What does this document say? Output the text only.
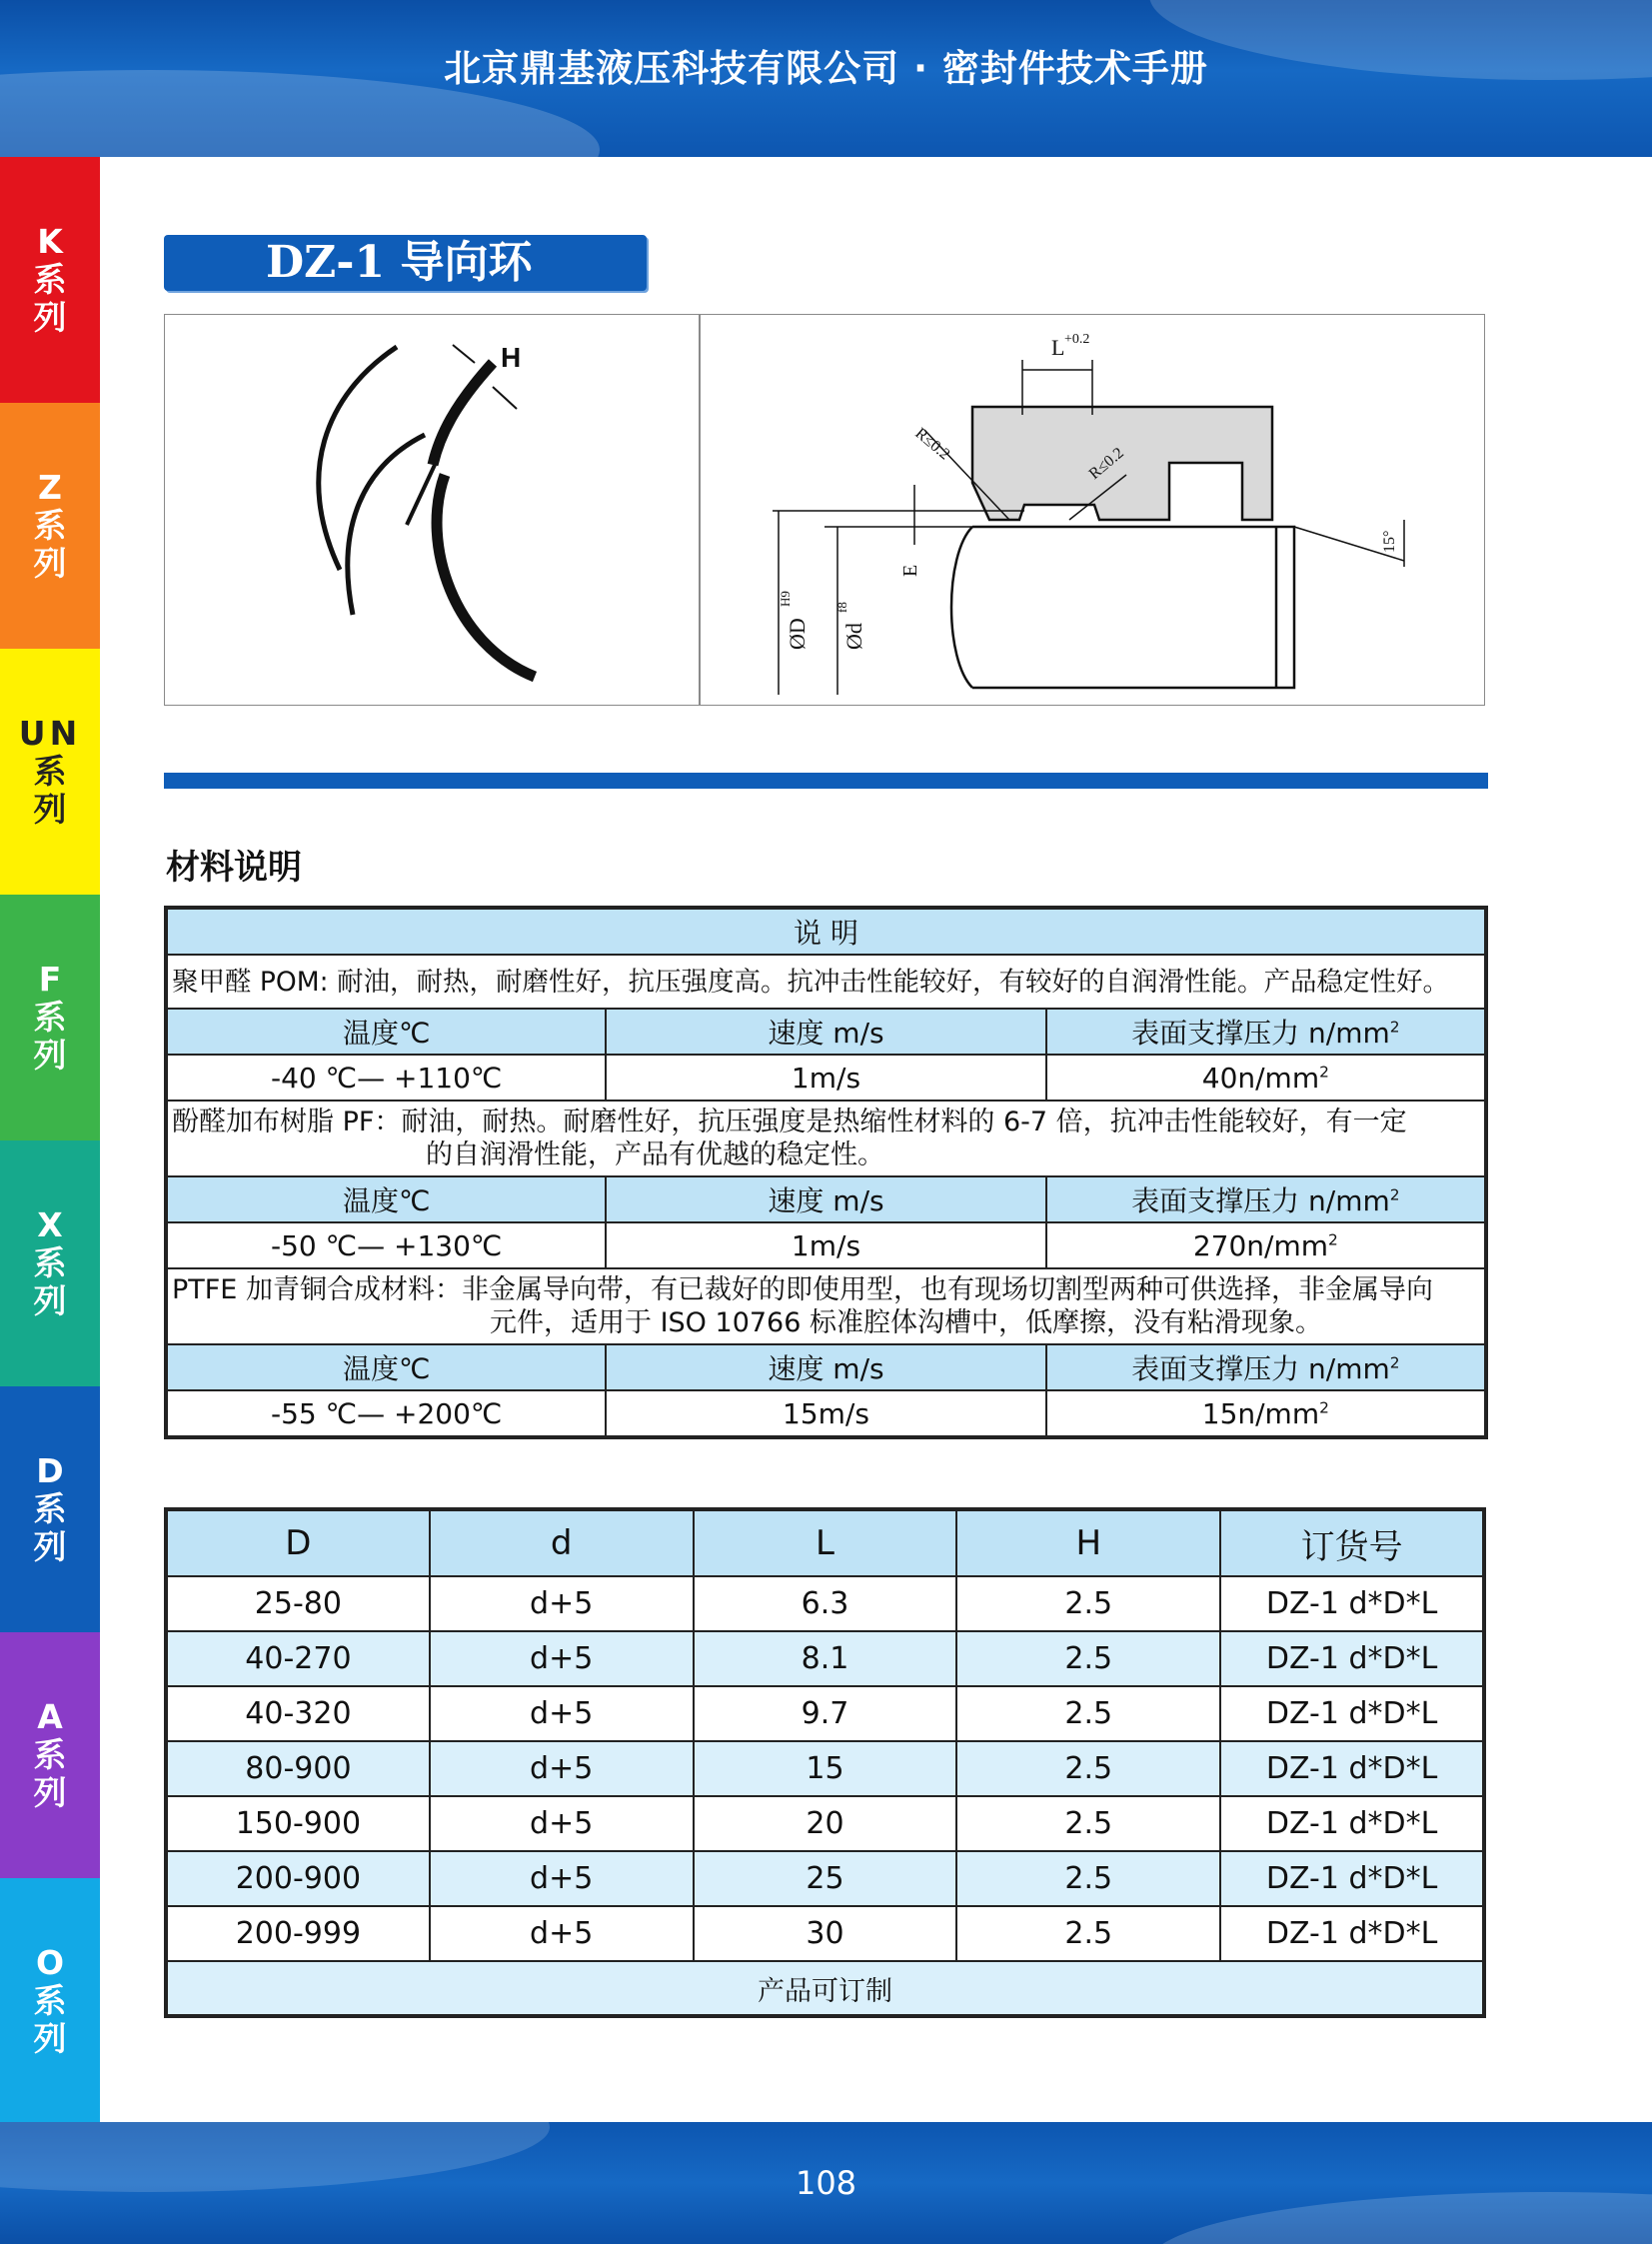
北京鼎基液压科技有限公司 · 密封件技术手册
K
系
列
Z
系
列
UN
系
列
F
系
列
X
系
列
D
系
列
A
系
列
O
系
列
DZ-1 导向环
H	L +0.2
R≤0.2
R≤0.2
15°
E
ØD
H9
Ød
f8
材料说明
说 明		
聚甲醛 POM: 耐油，耐热，耐磨性好，抗压强度高。抗冲击性能较好，有较好的自润滑性能。产品稳定性好。		
温度℃	速度 m/s	表面支撑压力 $n/mm^2$
-40 ℃— +110℃	1m/s	$40n/mm^2$
酚醛加布树脂 PF：耐油，耐热。耐磨性好，抗压强度是热缩性材料的 6-7 倍，抗冲击性能较好，有一定
的自润滑性能，产品有优越的稳定性。		

温度℃	速度 m/s	表面支撑压力 $n/mm^2$
-50 ℃— +130℃	1m/s	$270n/mm^2$
PTFE 加青铜合成材料：非金属导向带，有已裁好的即使用型，也有现场切割型两种可供选择，非金属导向
元件，适用于 ISO 10766 标准腔体沟槽中，低摩擦，没有粘滑现象。		

温度℃	速度 m/s	表面支撑压力 $n/mm^2$
-55 ℃— +200℃	15m/s	$15n/mm^2$
D	d	L	H	订货号
25-80	d+5	6.3	2.5	DZ-1 d*D*L
40-270	d+5	8.1	2.5	DZ-1 d*D*L
40-320	d+5	9.7	2.5	DZ-1 d*D*L
80-900	d+5	15	2.5	DZ-1 d*D*L
150-900	d+5	20	2.5	DZ-1 d*D*L
200-900	d+5	25	2.5	DZ-1 d*D*L
200-999	d+5	30	2.5	DZ-1 d*D*L
产品可订制				
108
